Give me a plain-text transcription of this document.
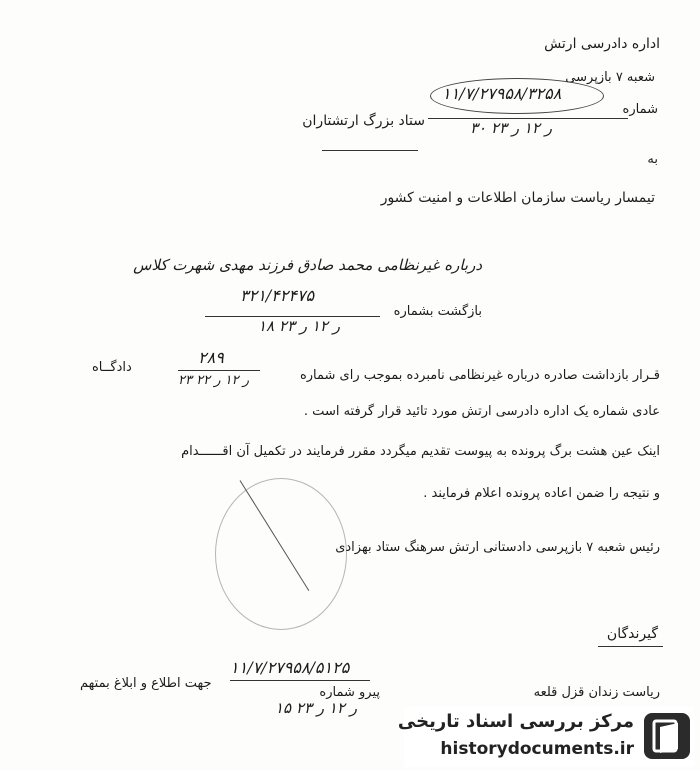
اداره دادرسی ارتش
شعبه ۷ بازپرسی
شماره
۱۱/۷/۲۷۹۵۸/۳۲۵۸
۳۰ ر ۱۲ ر ۲۳
ستاد بزرگ ارتشتاران
به
تیمسار ریاست سازمان اطلاعات و امنیت کشور
درباره غیرنظامی محمد صادق فرزند مهدی شهرت کلاس
بازگشت بشماره
۳۲۱/۴۲۴۷۵
۱۸ ر ۱۲ ر ۲۳
قـرار بازداشت صادره درباره غیرنظامی نامبرده بموجب رای شماره
۲۸۹
۲۳ ر ۱۲ ر ۲۲
دادگــاه
عادی شماره یک اداره دادرسی ارتش مورد تائید قرار گرفته است .
اینک عین هشت برگ پرونده به پیوست تقدیم میگردد مقرر فرمایند در تکمیل آن اقــــــدام
و نتیجه را ضمن اعاده پرونده اعلام فرمایند .
رئیس شعبه ۷ بازپرسی دادستانی ارتش سرهنگ ستاد بهزادی
گیرندگان
ریاست زندان قزل قلعه
پیرو شماره
۱۱/۷/۲۷۹۵۸/۵۱۲۵
جهت اطلاع و ابلاغ بمتهم
۱۵ ر ۱۲ ر ۲۳
مرکز بررسی اسناد تاریخی
historydocuments.ir
